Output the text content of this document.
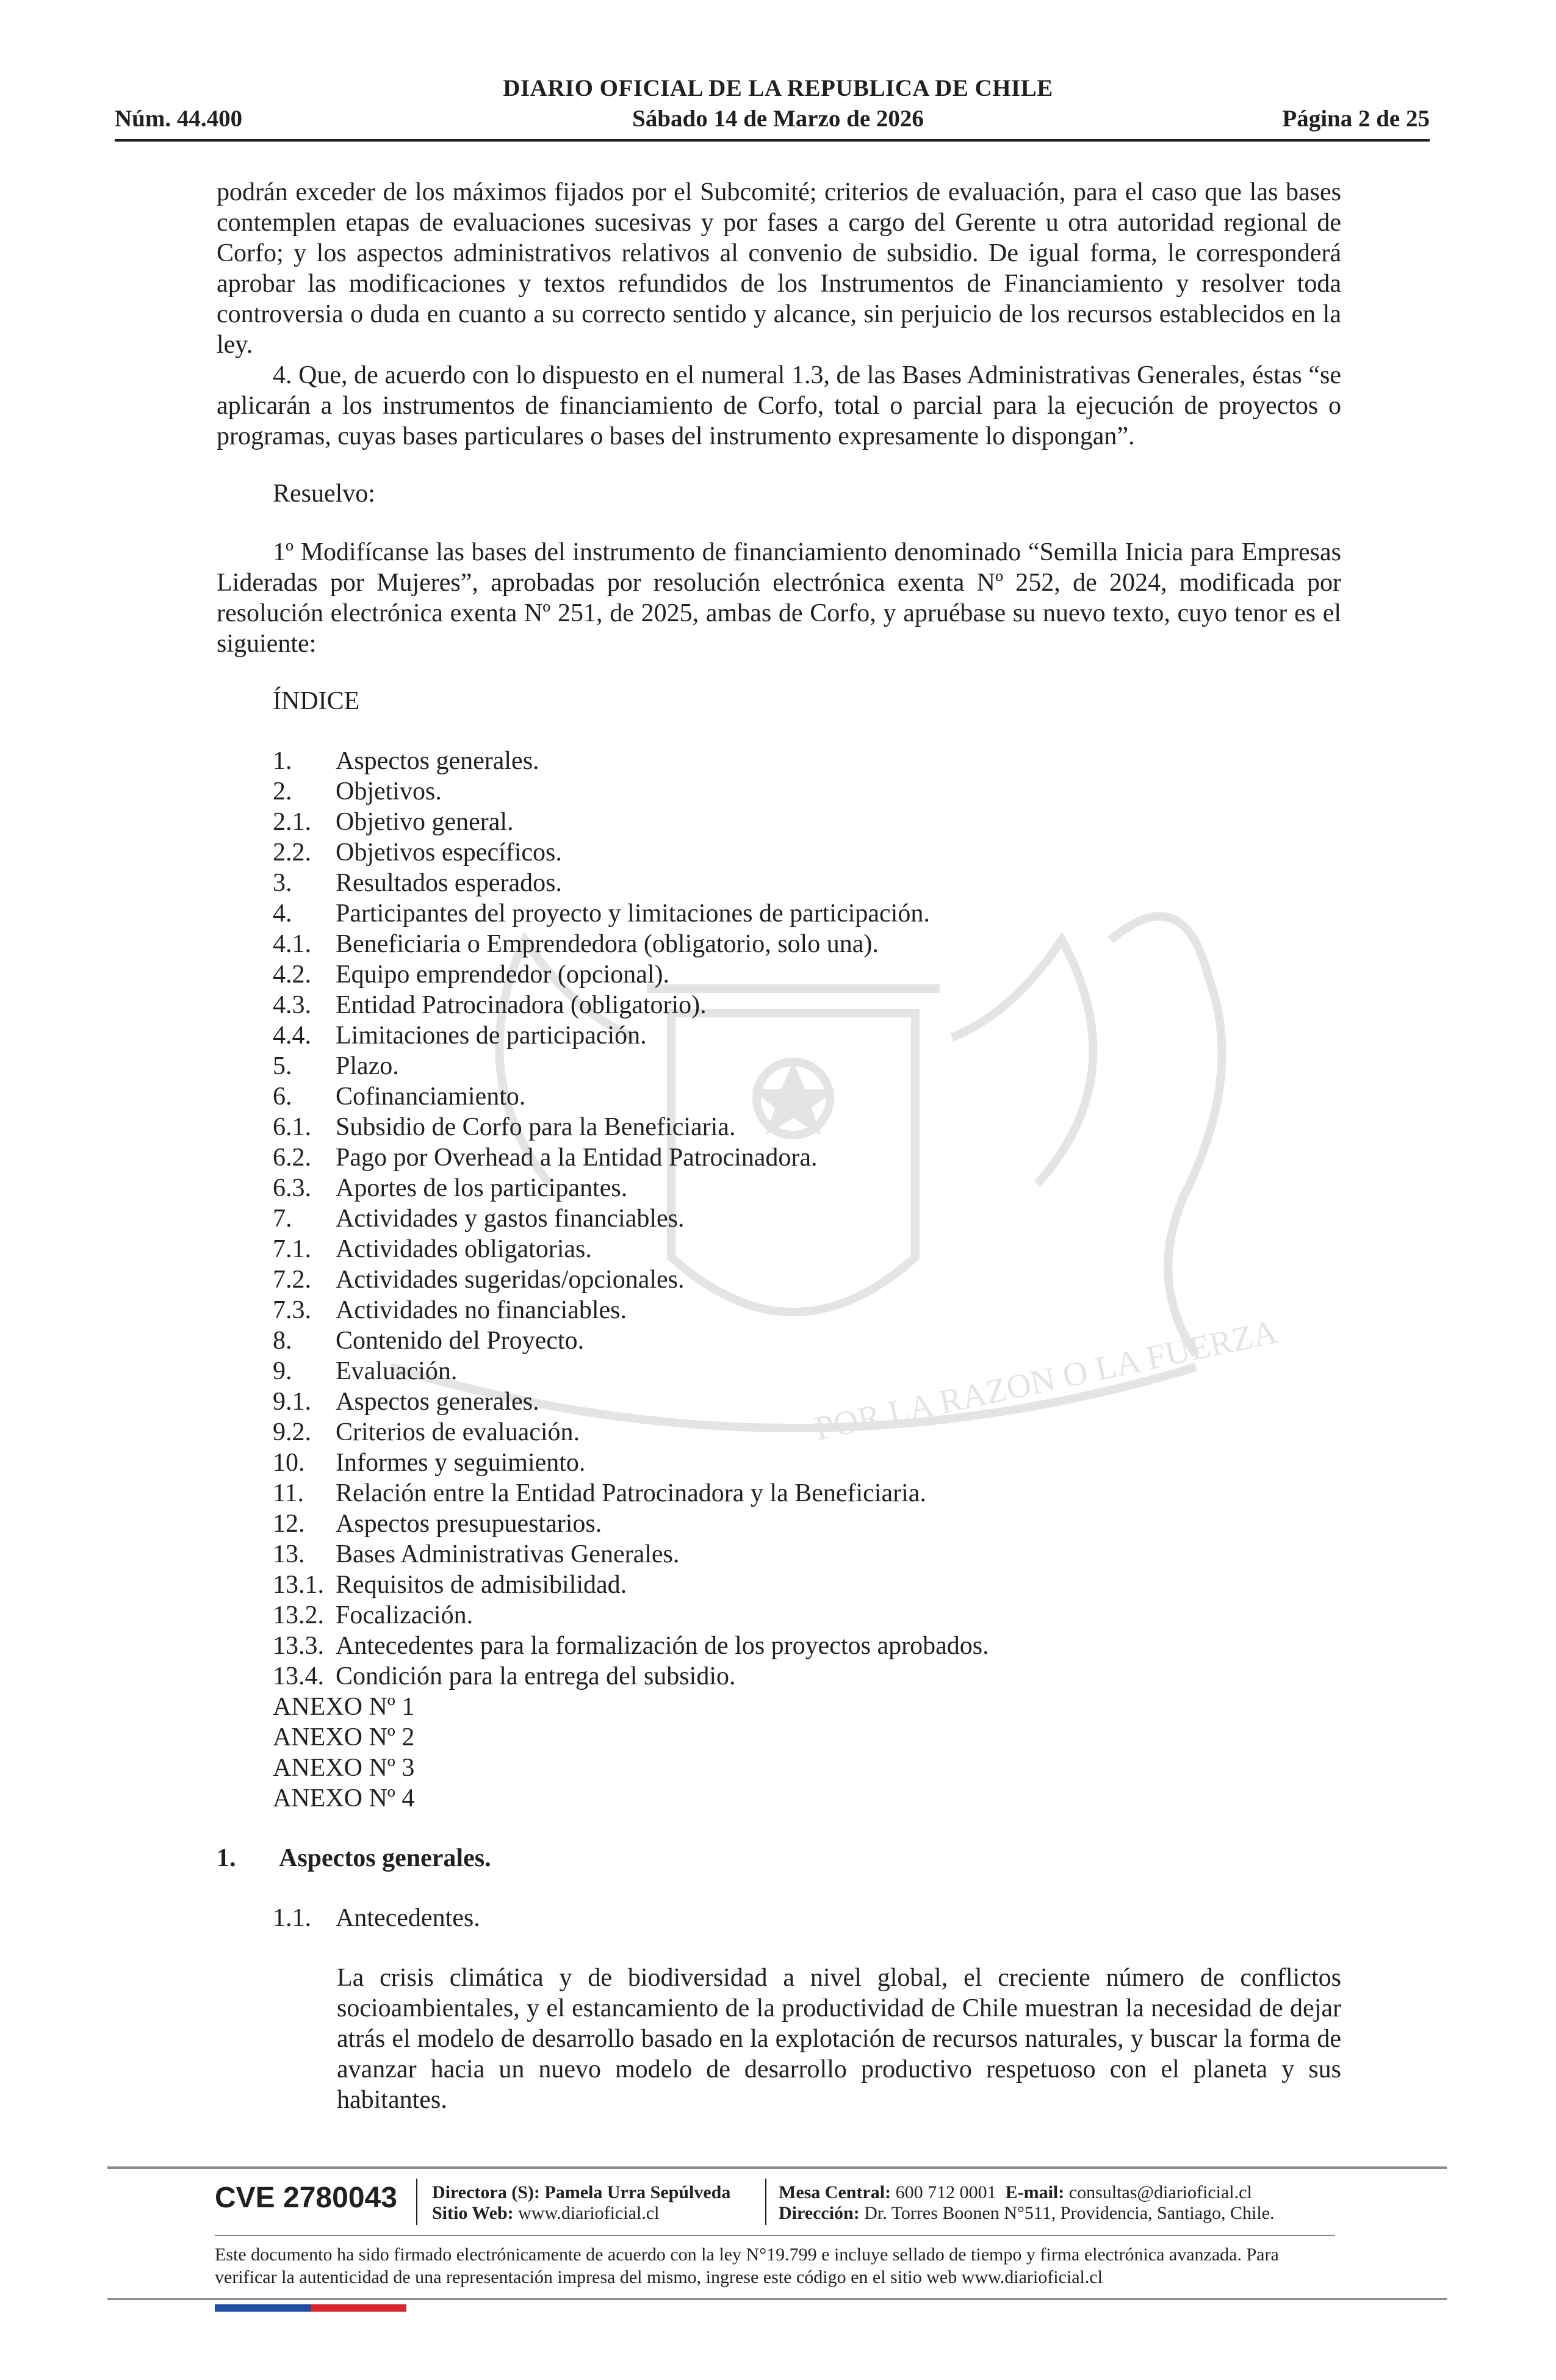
POR LA RAZON O LA FUERZA
DIARIO OFICIAL DE LA REPUBLICA DE CHILE
Núm. 44.400	Sábado 14 de Marzo de 2026	Página 2 de 25

podrán exceder de los máximos fijados por el Subcomité; criterios de evaluación, para el caso que las bases contemplen etapas de evaluaciones sucesivas y por fases a cargo del Gerente u otra autoridad regional de Corfo; y los aspectos administrativos relativos al convenio de subsidio. De igual forma, le corresponderá aprobar las modificaciones y textos refundidos de los Instrumentos de Financiamiento y resolver toda controversia o duda en cuanto a su correcto sentido y alcance, sin perjuicio de los recursos establecidos en la ley.

4. Que, de acuerdo con lo dispuesto en el numeral 1.3, de las Bases Administrativas Generales, éstas “se aplicarán a los instrumentos de financiamiento de Corfo, total o parcial para la ejecución de proyectos o programas, cuyas bases particulares o bases del instrumento expresamente lo dispongan”.

Resuelvo:

1º Modifícanse las bases del instrumento de financiamiento denominado “Semilla Inicia para Empresas Lideradas por Mujeres”, aprobadas por resolución electrónica exenta Nº 252, de 2024, modificada por resolución electrónica exenta Nº 251, de 2025, ambas de Corfo, y apruébase su nuevo texto, cuyo tenor es el siguiente:

ÍNDICE

1.	Aspectos generales.
2.	Objetivos.
2.1. Objetivo general.
2.2. Objetivos específicos.
3.	Resultados esperados.
4.	Participantes del proyecto y limitaciones de participación.
4.1. Beneficiaria o Emprendedora (obligatorio, solo una).
4.2. Equipo emprendedor (opcional).
4.3. Entidad Patrocinadora (obligatorio).
4.4. Limitaciones de participación.
5.	Plazo.
6.	Cofinanciamiento.
6.1. Subsidio de Corfo para la Beneficiaria.
6.2. Pago por Overhead a la Entidad Patrocinadora.
6.3. Aportes de los participantes.
7.	Actividades y gastos financiables.
7.1. Actividades obligatorias.
7.2. Actividades sugeridas/opcionales.
7.3. Actividades no financiables.
8.	Contenido del Proyecto.
9.	Evaluación.
9.1. Aspectos generales.
9.2. Criterios de evaluación.
10.	Informes y seguimiento.
11.	Relación entre la Entidad Patrocinadora y la Beneficiaria.
12.	Aspectos presupuestarios.
13.	Bases Administrativas Generales.
13.1. Requisitos de admisibilidad.
13.2. Focalización.
13.3. Antecedentes para la formalización de los proyectos aprobados.
13.4. Condición para la entrega del subsidio.

ANEXO Nº 1

ANEXO Nº 2

ANEXO Nº 3

ANEXO Nº 4

1. Aspectos generales.
1.1. Antecedentes.

La crisis climática y de biodiversidad a nivel global, el creciente número de conflictos socioambientales, y el estancamiento de la productividad de Chile muestran la necesidad de dejar atrás el modelo de desarrollo basado en la explotación de recursos naturales, y buscar la forma de avanzar hacia un nuevo modelo de desarrollo productivo respetuoso con el planeta y sus habitantes.

CVE 2780043 Directora (S): Pamela Urra Sepúlveda
Sitio Web: www.diarioficial.cl
Mesa Central: 600 712 0001 E-mail: consultas@diarioficial.cl
Dirección: Dr. Torres Boonen N°511, Providencia, Santiago, Chile.
Este documento ha sido firmado electrónicamente de acuerdo con la ley N°19.799 e incluye sellado de tiempo y firma electrónica avanzada. Para verificar la autenticidad de una representación impresa del mismo, ingrese este código en el sitio web www.diarioficial.cl
